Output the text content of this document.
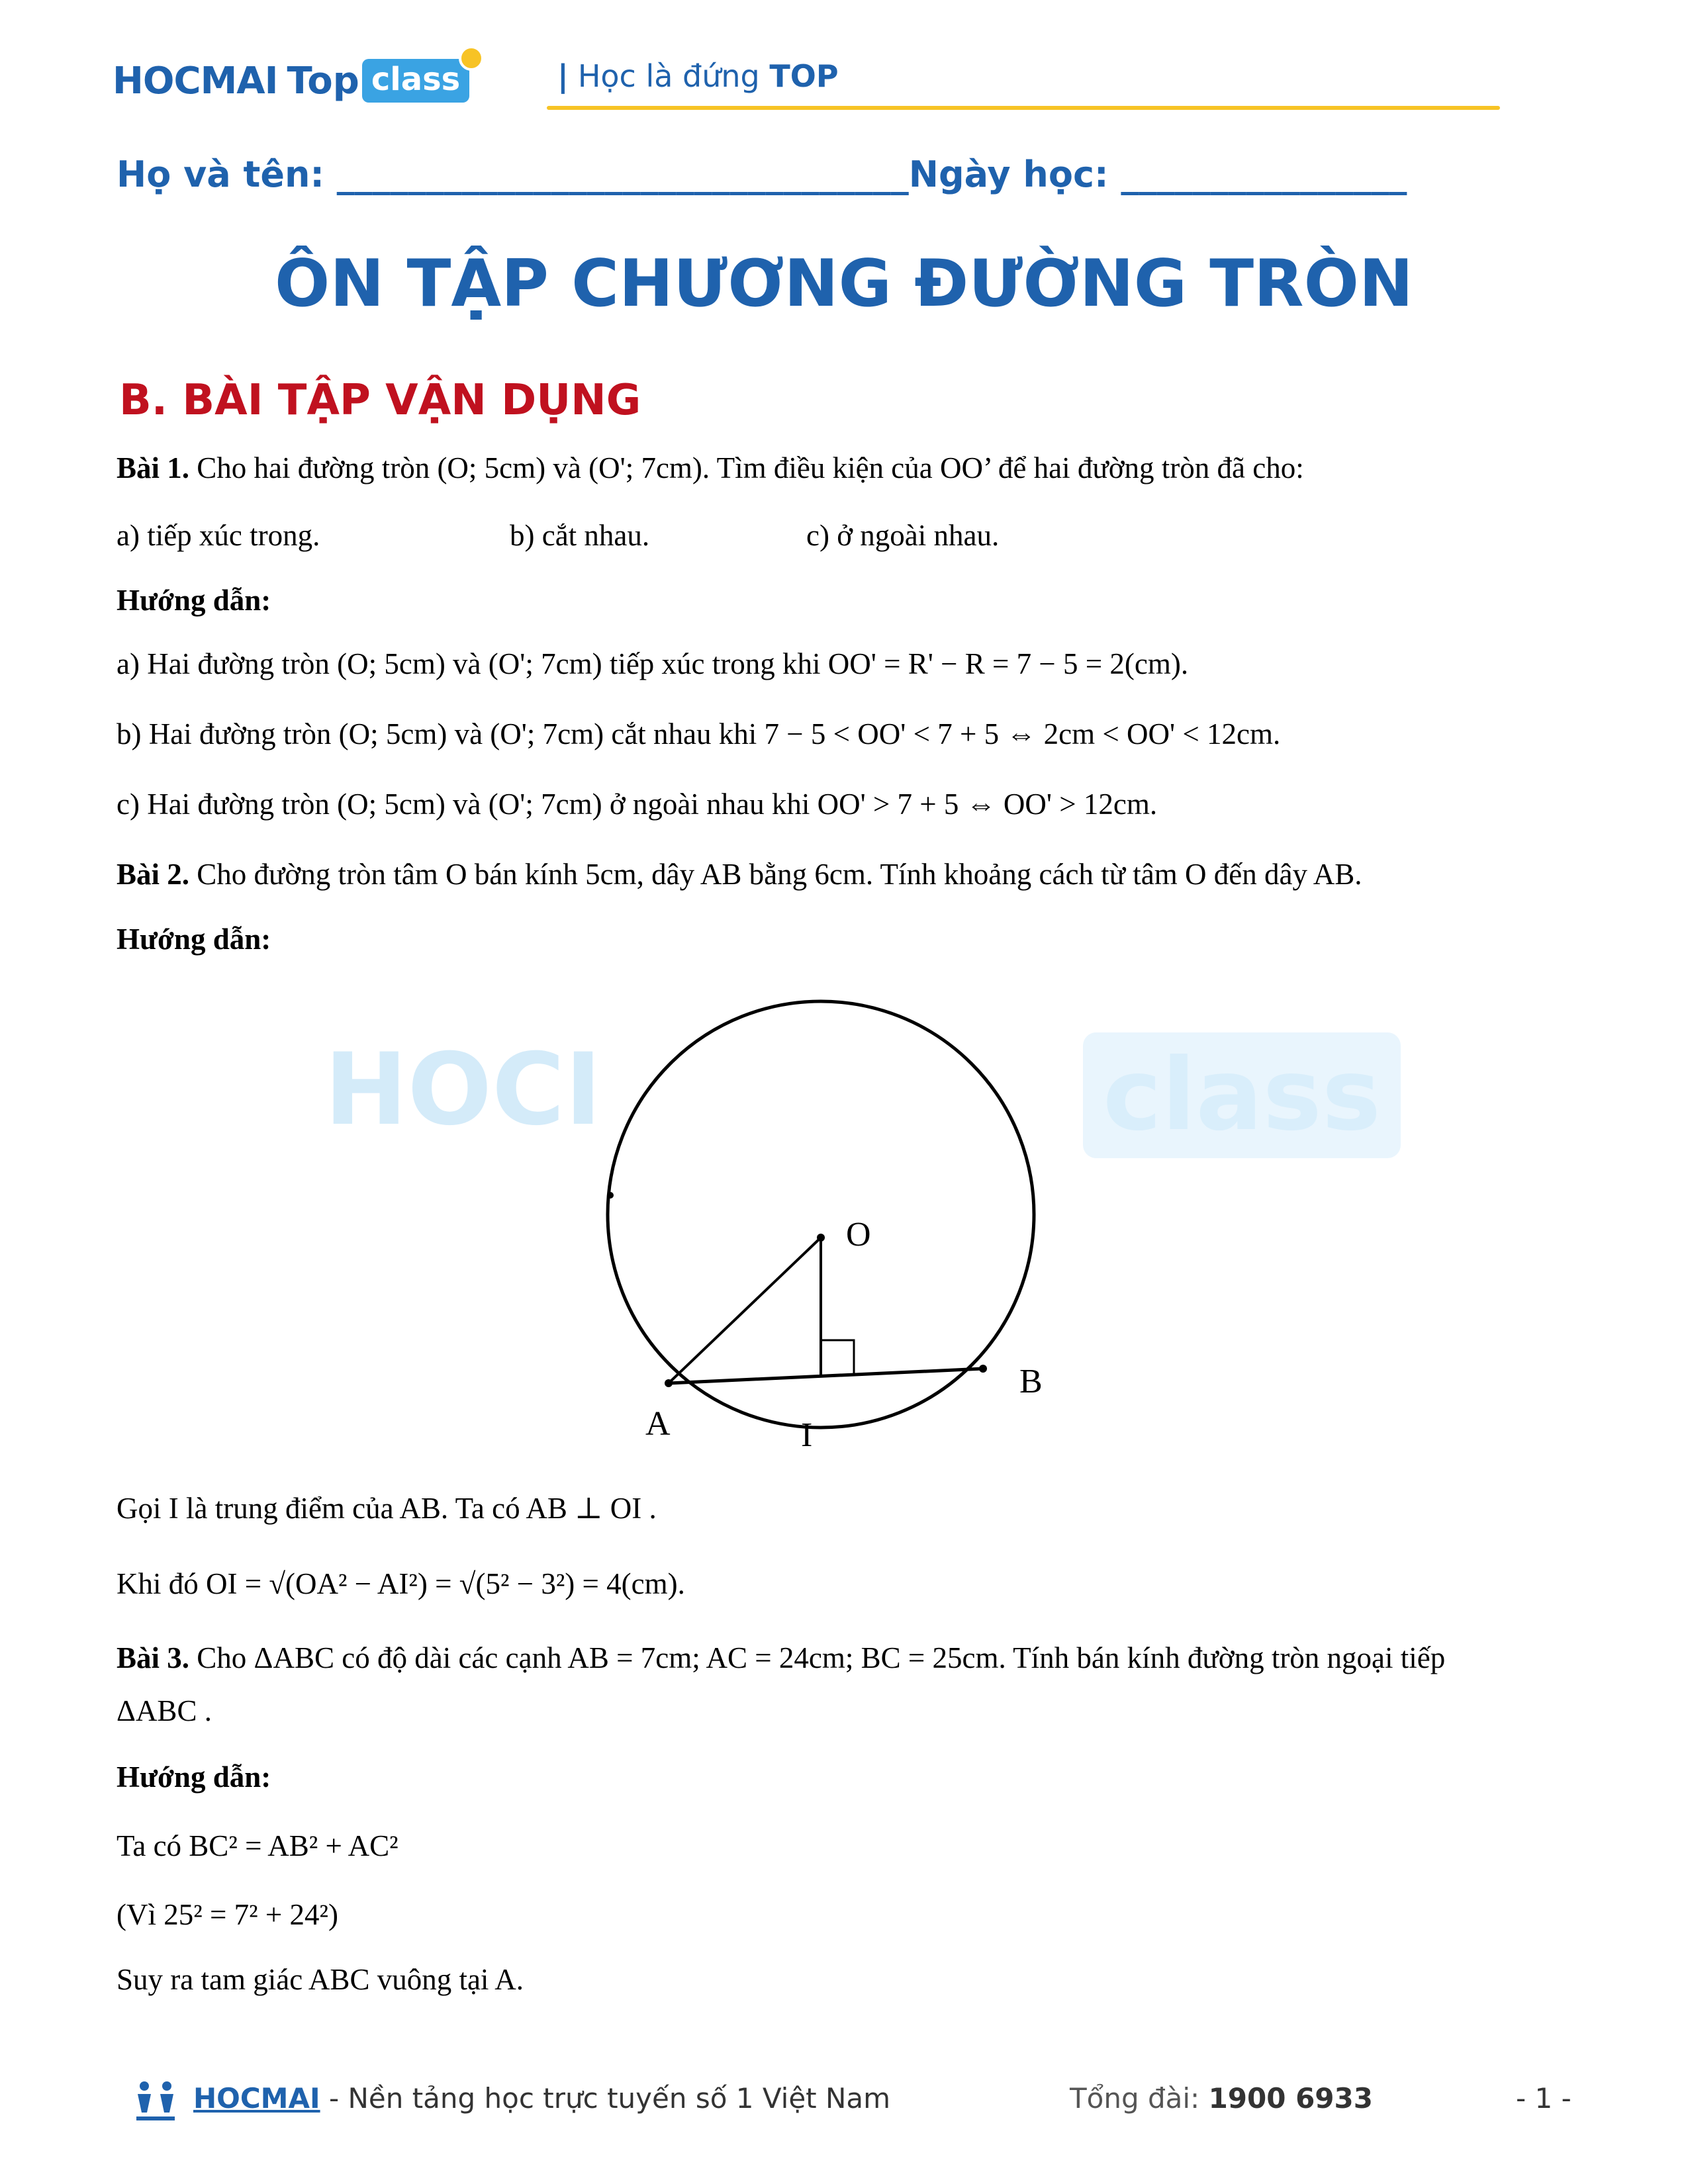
HOCMAI Top class	| Học là đứng TOP
Họ và tên: ________________________________Ngày học: ________________
ÔN TẬP CHƯƠNG ĐƯỜNG TRÒN
B. BÀI TẬP VẬN DỤNG
Bài 1. Cho hai đường tròn (O; 5cm) và (O'; 7cm). Tìm điều kiện của OO’ để hai đường tròn đã cho:
a) tiếp xúc trong.	b) cắt nhau.	c) ở ngoài nhau.
Hướng dẫn:
a) Hai đường tròn (O; 5cm) và (O'; 7cm) tiếp xúc trong khi OO' = R' − R = 7 − 5 = 2(cm).
b) Hai đường tròn (O; 5cm) và (O'; 7cm) cắt nhau khi 7 − 5 < OO' < 7 + 5 ⇔ 2cm < OO' < 12cm.
c) Hai đường tròn (O; 5cm) và (O'; 7cm) ở ngoài nhau khi OO' > 7 + 5 ⇔ OO' > 12cm.
Bài 2. Cho đường tròn tâm O bán kính 5cm, dây AB bằng 6cm. Tính khoảng cách từ tâm O đến dây AB.
Hướng dẫn:
HOCI	class
O
A
B
I
Gọi I là trung điểm của AB. Ta có AB ⊥ OI .
Khi đó OI = √(OA² − AI²) = √(5² − 3²) = 4(cm).
Bài 3. Cho ΔABC có độ dài các cạnh AB = 7cm; AC = 24cm; BC = 25cm. Tính bán kính đường tròn ngoại tiếp
ΔABC .
Hướng dẫn:
Ta có BC² = AB² + AC²
(Vì 25² = 7² + 24²)
Suy ra tam giác ABC vuông tại A.
HOCMAI - Nền tảng học trực tuyến số 1 Việt Nam	Tổng đài: 1900 6933	- 1 -
